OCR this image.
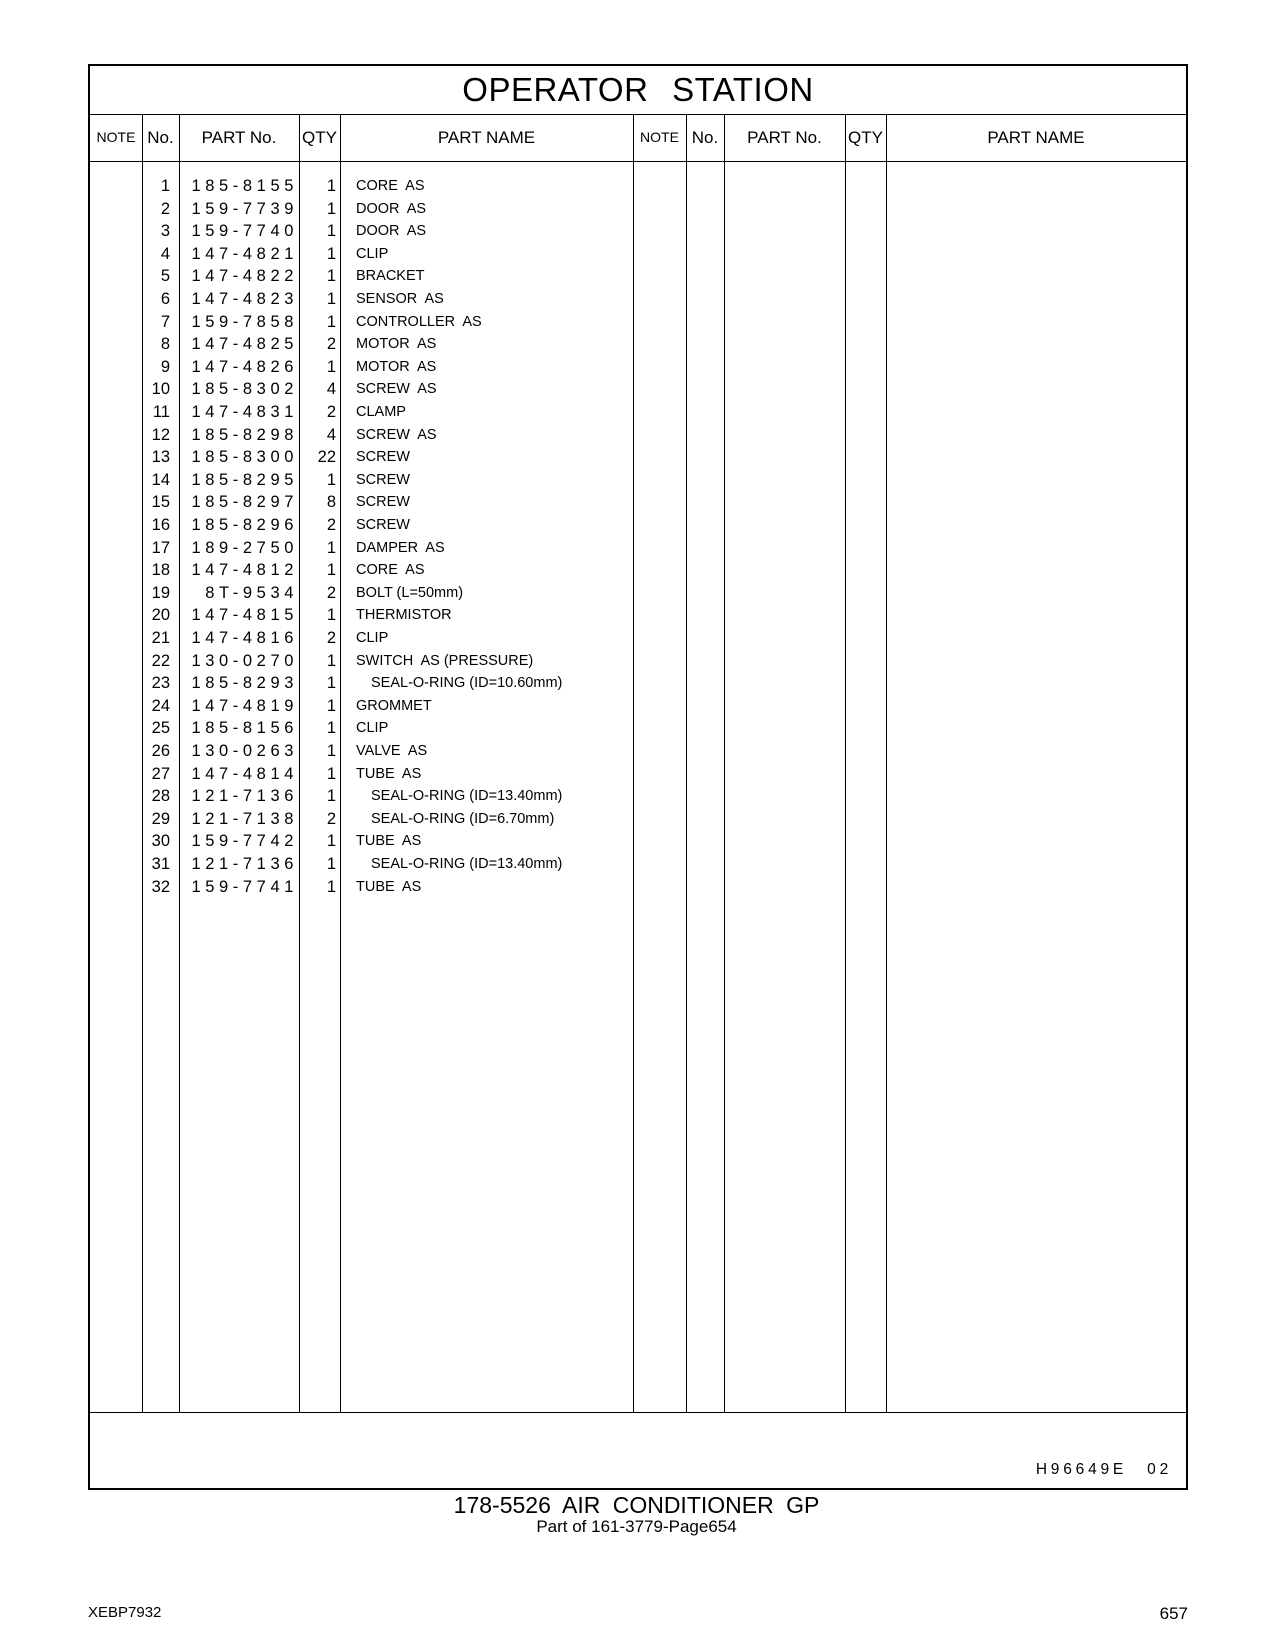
OPERATOR STATION
NOTE No.	PART No.	QTY	PART NAME	NOTE No.	PART No.	QTY	PART NAME
1	185-8155	1 CORE  AS
2	159-7739	1 DOOR  AS
3	159-7740	1 DOOR  AS
4	147-4821	1 CLIP
5	147-4822	1 BRACKET
6	147-4823	1 SENSOR  AS
7	159-7858	1 CONTROLLER  AS
8	147-4825	2 MOTOR  AS
9	147-4826	1 MOTOR  AS
10	185-8302	4 SCREW  AS
11	147-4831	2 CLAMP
12	185-8298	4 SCREW  AS
13	185-8300	22 SCREW
14	185-8295	1 SCREW
15	185-8297	8 SCREW
16	185-8296	2 SCREW
17	189-2750	1 DAMPER  AS
18	147-4812	1 CORE  AS
19	8T-9534	2 BOLT (L=50mm)
20	147-4815	1 THERMISTOR
21	147-4816	2 CLIP
22	130-0270	1 SWITCH  AS (PRESSURE)
23	185-8293	1 SEAL-O-RING (ID=10.60mm)
24	147-4819	1 GROMMET
25	185-8156	1 CLIP
26	130-0263	1 VALVE  AS
27	147-4814	1 TUBE  AS
28	121-7136	1 SEAL-O-RING (ID=13.40mm)
29	121-7138	2 SEAL-O-RING (ID=6.70mm)
30	159-7742	1 TUBE  AS
31	121-7136	1 SEAL-O-RING (ID=13.40mm)
32	159-7741	1 TUBE  AS
H96649E 02
178-5526 AIR CONDITIONER GP
Part of 161-3779-Page654
XEBP7932	657
